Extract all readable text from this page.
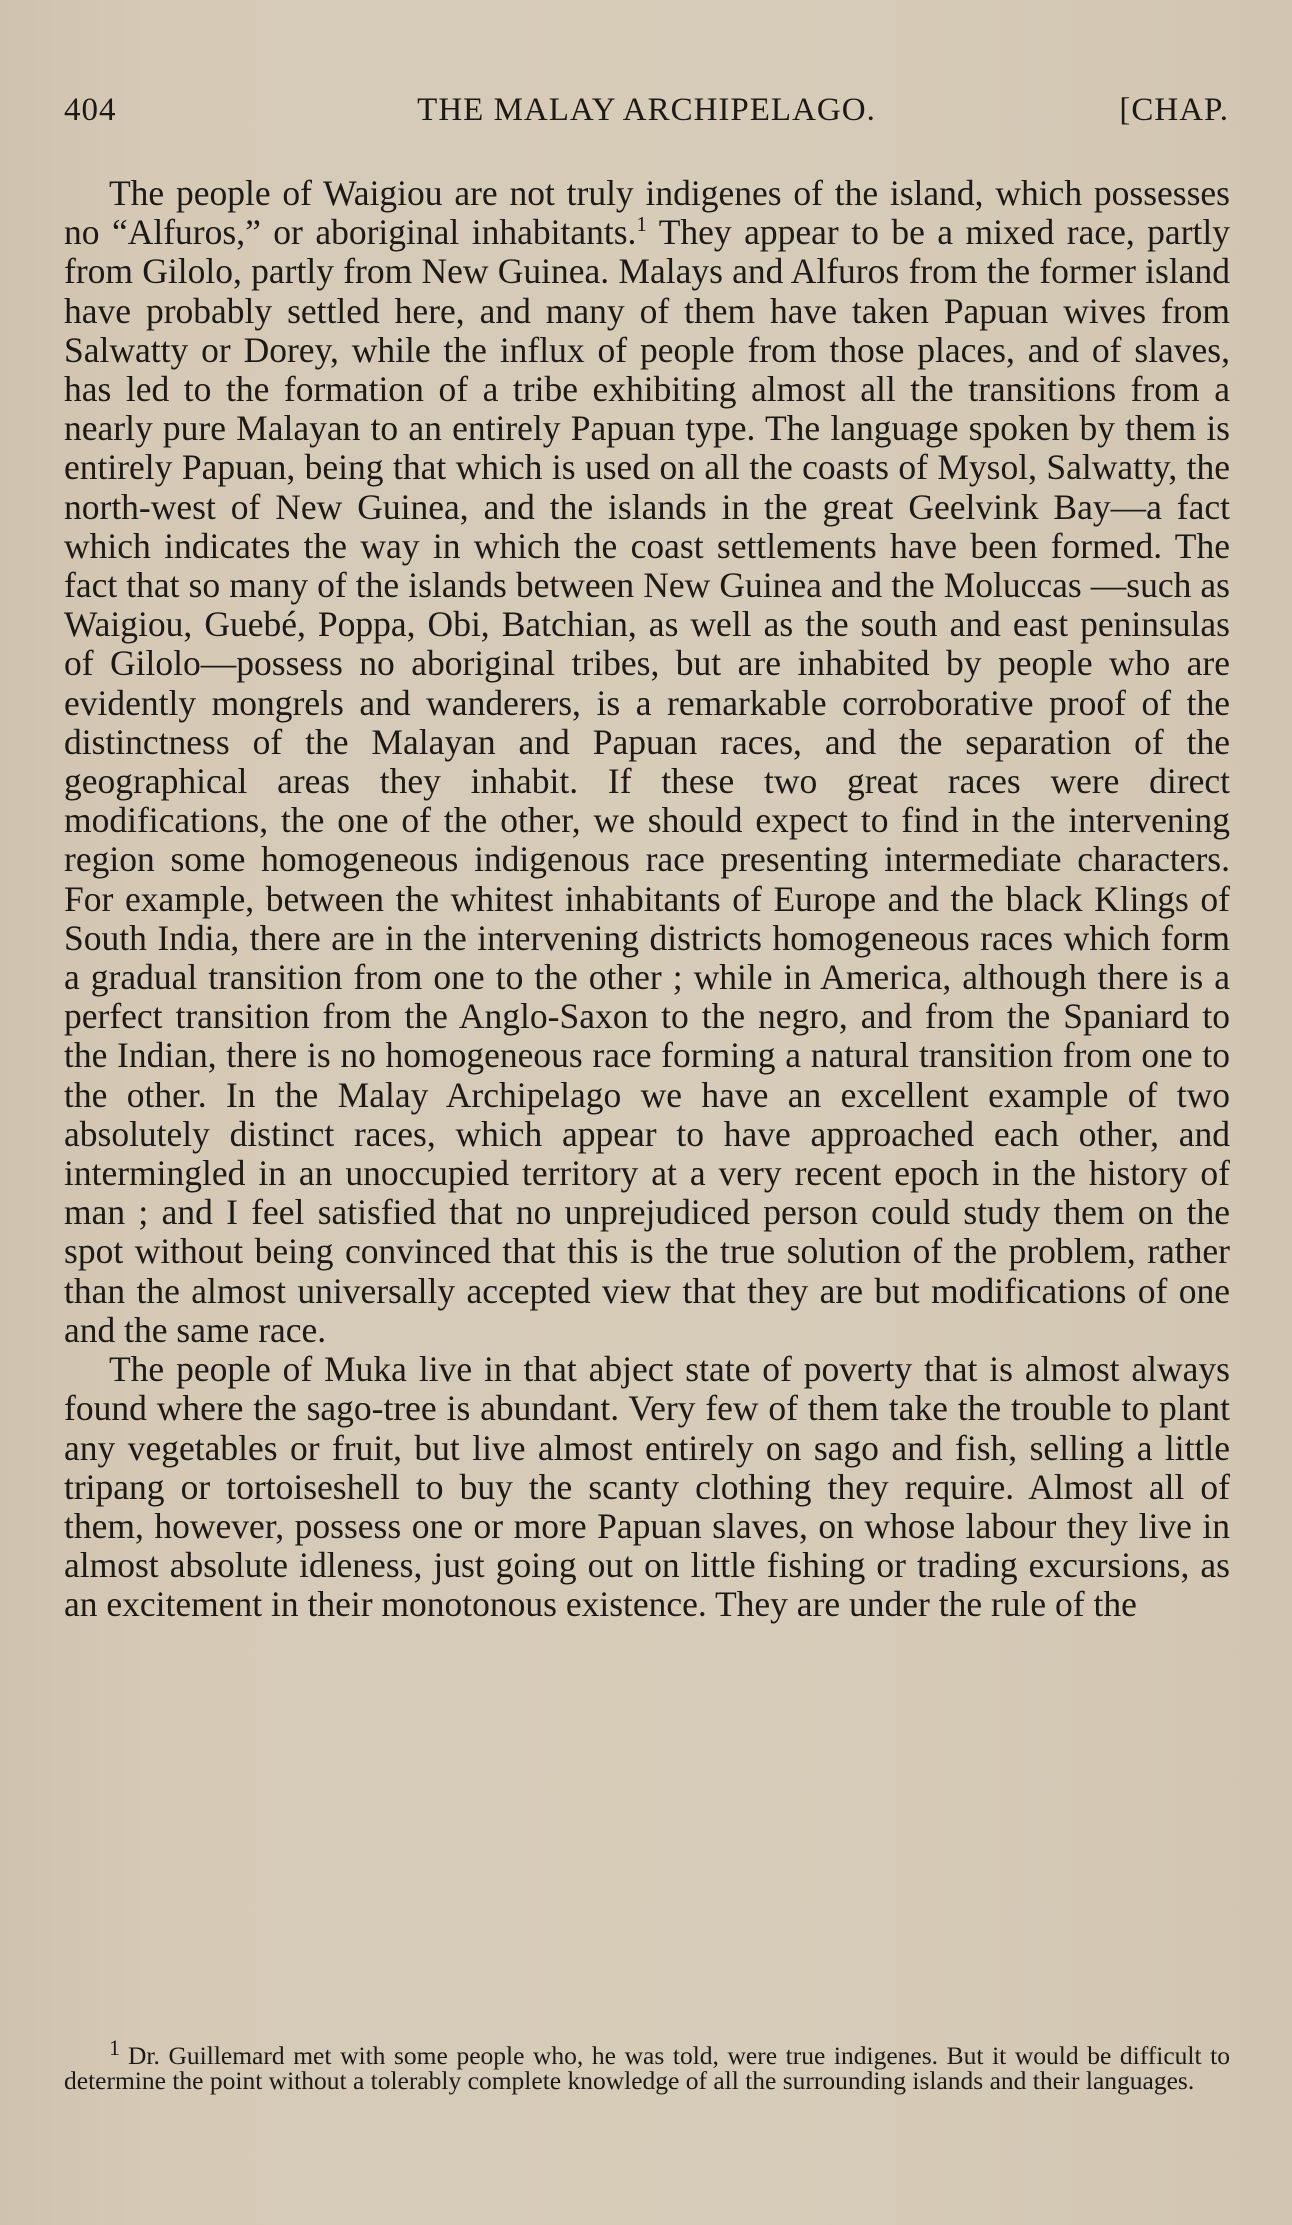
404	THE MALAY ARCHIPELAGO.	[CHAP.

The people of Waigiou are not truly indigenes of the island, which possesses no “Alfuros,” or aboriginal inhabitants.$^1$ They appear to be a mixed race, partly from Gilolo, partly from New Guinea. Malays and Alfuros from the former island have probably settled here, and many of them have taken Papuan wives from Salwatty or Dorey, while the influx of people from those places, and of slaves, has led to the formation of a tribe exhibiting almost all the transitions from a nearly pure Malayan to an entirely Papuan type. The language spoken by them is entirely Papuan, being that which is used on all the coasts of Mysol, Salwatty, the north-west of New Guinea, and the islands in the great Geelvink Bay—a fact which indicates the way in which the coast settlements have been formed. The fact that so many of the islands between New Guinea and the Moluccas —such as Waigiou, Guebé, Poppa, Obi, Batchian, as well as the south and east peninsulas of Gilolo—possess no aboriginal tribes, but are inhabited by people who are evidently mongrels and wanderers, is a remarkable corroborative proof of the distinctness of the Malayan and Papuan races, and the separation of the geographical areas they inhabit. If these two great races were direct modifications, the one of the other, we should expect to find in the intervening region some homogeneous indigenous race presenting intermediate characters. For example, between the whitest inhabitants of Europe and the black Klings of South India, there are in the intervening districts homogeneous races which form a gradual transition from one to the other ; while in America, although there is a perfect transition from the Anglo-Saxon to the negro, and from the Spaniard to the Indian, there is no homogeneous race forming a natural transition from one to the other. In the Malay Archipelago we have an excellent example of two absolutely distinct races, which appear to have approached each other, and intermingled in an unoccupied territory at a very recent epoch in the history of man ; and I feel satisfied that no unprejudiced person could study them on the spot without being convinced that this is the true solution of the problem, rather than the almost universally accepted view that they are but modifications of one and the same race.

The people of Muka live in that abject state of poverty that is almost always found where the sago-tree is abundant. Very few of them take the trouble to plant any vegetables or fruit, but live almost entirely on sago and fish, selling a little tripang or tortoiseshell to buy the scanty clothing they require. Almost all of them, however, possess one or more Papuan slaves, on whose labour they live in almost absolute idleness, just going out on little fishing or trading excursions, as an excitement in their monotonous existence. They are under the rule of the

1 Dr. Guillemard met with some people who, he was told, were true indigenes. But it would be difficult to determine the point without a tolerably complete knowledge of all the surrounding islands and their languages.
